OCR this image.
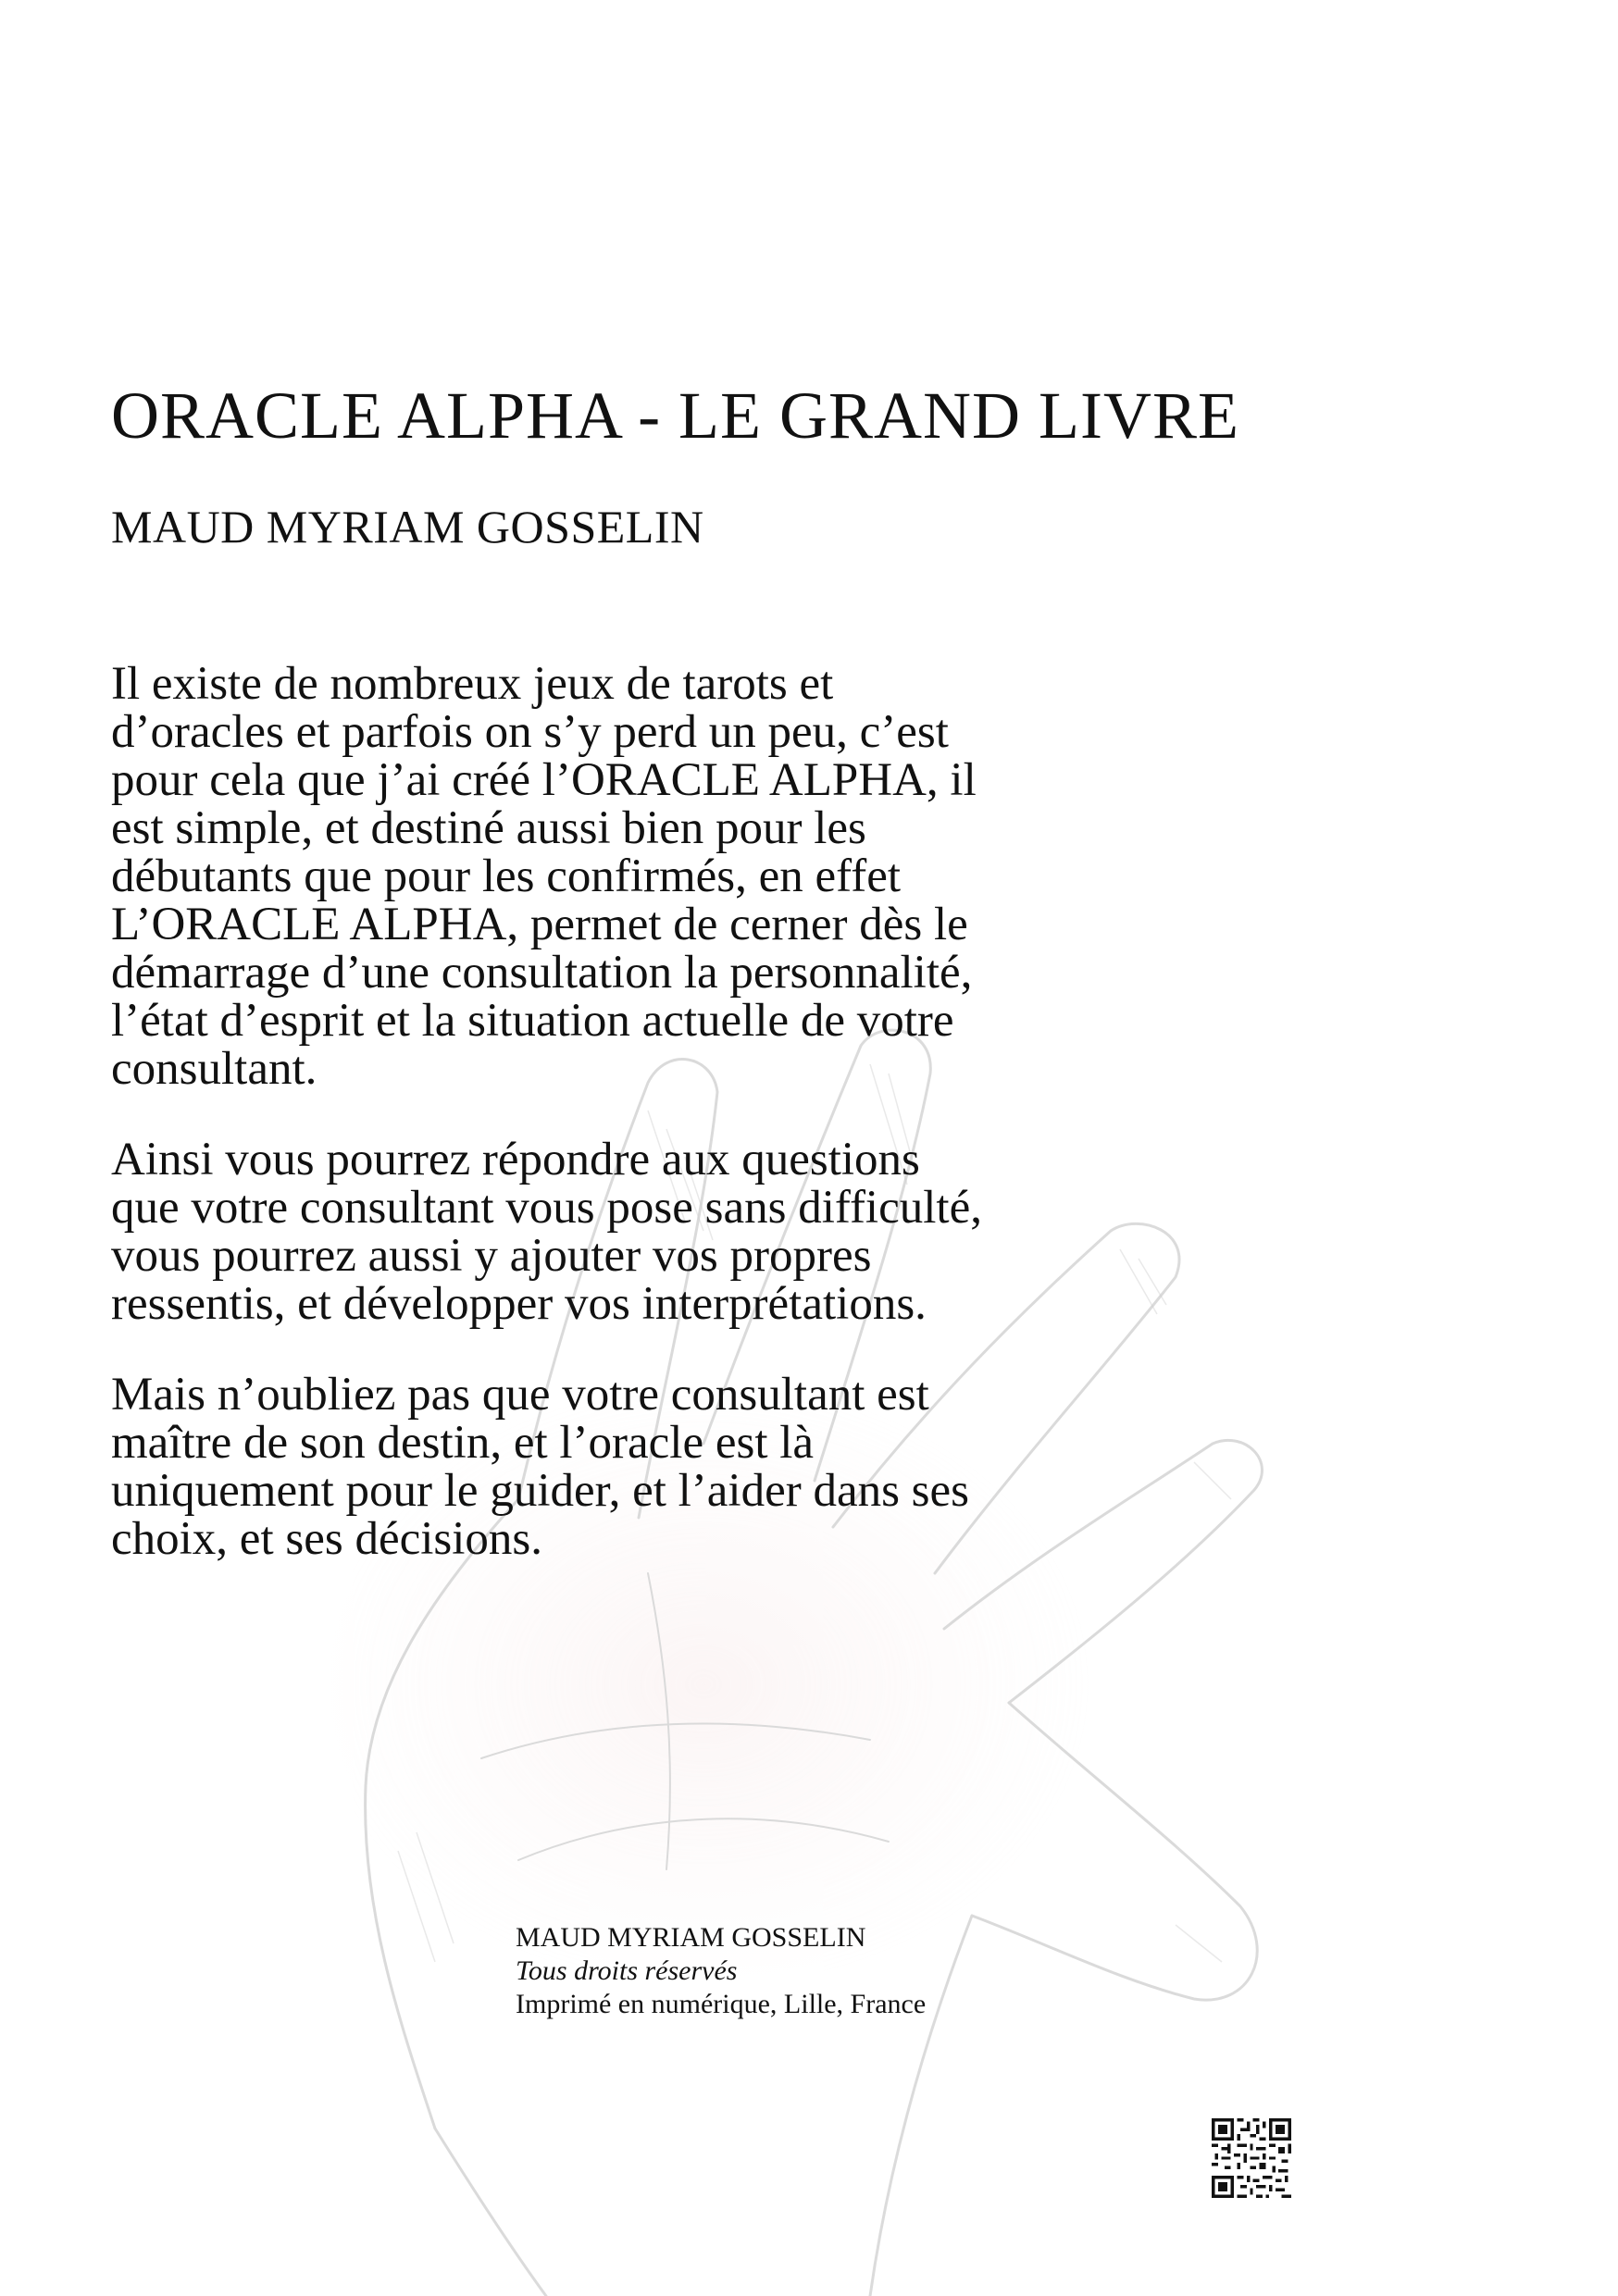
ORACLE ALPHA - LE GRAND LIVRE
MAUD MYRIAM GOSSELIN

Il existe de nombreux jeux de tarots et
d’oracles et parfois on s’y perd un peu, c’est
pour cela que j’ai créé l’ORACLE ALPHA, il
est simple, et destiné aussi bien pour les
débutants que pour les confirmés, en effet
L’ORACLE ALPHA, permet de cerner dès le
démarrage d’une consultation la personnalité,
l’état d’esprit et la situation actuelle de votre
consultant.

Ainsi vous pourrez répondre aux questions
que votre consultant vous pose sans difficulté,
vous pourrez aussi y ajouter vos propres
ressentis, et développer vos interprétations.

Mais n’oubliez pas que votre consultant est
maître de son destin, et l’oracle est là
uniquement pour le guider, et l’aider dans ses
choix, et ses décisions.

MAUD MYRIAM GOSSELIN
Tous droits réservés
Imprimé en numérique, Lille, France
